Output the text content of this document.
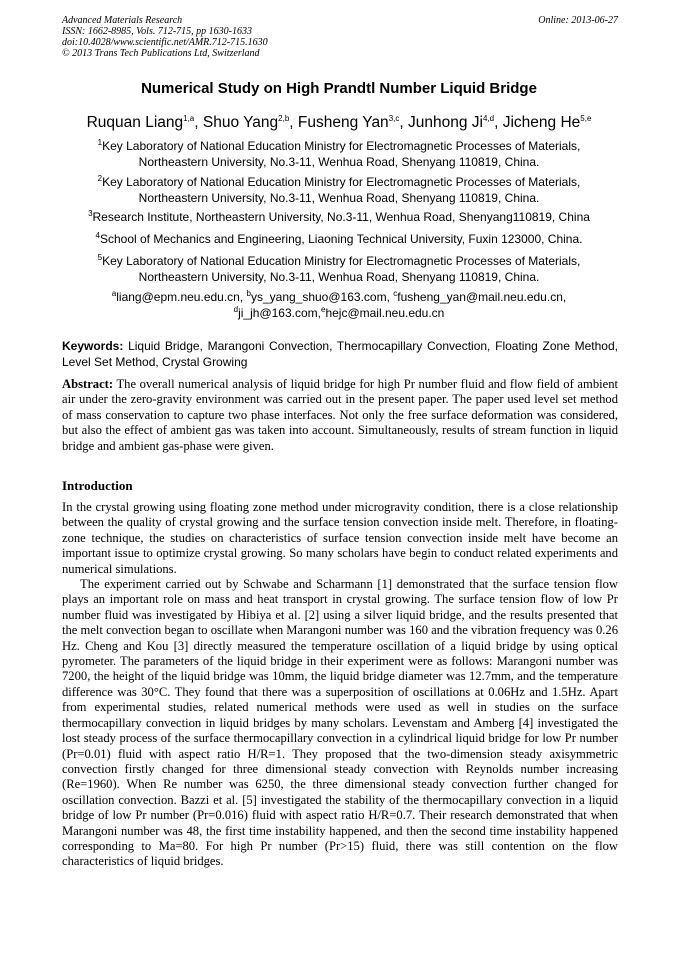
Advanced Materials Research
ISSN: 1662-8985, Vols. 712-715, pp 1630-1633
doi:10.4028/www.scientific.net/AMR.712-715.1630
© 2013 Trans Tech Publications Ltd, Switzerland
Online: 2013-06-27
Numerical Study on High Prandtl Number Liquid Bridge
Ruquan Liang$^{1,a}$, Shuo Yang$^{2,b}$, Fusheng Yan$^{3,c}$, Junhong Ji$^{4,d}$, Jicheng He$^{5,e}$
$^1$Key Laboratory of National Education Ministry for Electromagnetic Processes of Materials,
Northeastern University, No.3-11, Wenhua Road, Shenyang 110819, China.
$^2$Key Laboratory of National Education Ministry for Electromagnetic Processes of Materials,
Northeastern University, No.3-11, Wenhua Road, Shenyang 110819, China.
$^3$Research Institute, Northeastern University, No.3-11, Wenhua Road, Shenyang110819, China
$^4$School of Mechanics and Engineering, Liaoning Technical University, Fuxin 123000, China.
$^5$Key Laboratory of National Education Ministry for Electromagnetic Processes of Materials,
Northeastern University, No.3-11, Wenhua Road, Shenyang 110819, China.
$^a$liang@epm.neu.edu.cn, $^b$ys_yang_shuo@163.com, $^c$fusheng_yan@mail.neu.edu.cn,
$^d$ji_jh@163.com,$^e$hejc@mail.neu.edu.cn
Keywords: Liquid Bridge, Marangoni Convection, Thermocapillary Convection, Floating Zone Method, Level Set Method, Crystal Growing
Abstract: The overall numerical analysis of liquid bridge for high Pr number fluid and flow field of ambient air under the zero-gravity environment was carried out in the present paper. The paper used level set method of mass conservation to capture two phase interfaces. Not only the free surface deformation was considered, but also the effect of ambient gas was taken into account. Simultaneously, results of stream function in liquid bridge and ambient gas-phase were given.
Introduction

In the crystal growing using floating zone method under microgravity condition, there is a close relationship between the quality of crystal growing and the surface tension convection inside melt. Therefore, in floating-zone technique, the studies on characteristics of surface tension convection inside melt have become an important issue to optimize crystal growing. So many scholars have begin to conduct related experiments and numerical simulations.

The experiment carried out by Schwabe and Scharmann [1] demonstrated that the surface tension flow plays an important role on mass and heat transport in crystal growing. The surface tension flow of low Pr number fluid was investigated by Hibiya et al. [2] using a silver liquid bridge, and the results presented that the melt convection began to oscillate when Marangoni number was 160 and the vibration frequency was 0.26 Hz. Cheng and Kou [3] directly measured the temperature oscillation of a liquid bridge by using optical pyrometer. The parameters of the liquid bridge in their experiment were as follows: Marangoni number was 7200, the height of the liquid bridge was 10mm, the liquid bridge diameter was 12.7mm, and the temperature difference was 30°C. They found that there was a superposition of oscillations at 0.06Hz and 1.5Hz. Apart from experimental studies, related numerical methods were used as well in studies on the surface thermocapillary convection in liquid bridges by many scholars. Levenstam and Amberg [4] investigated the lost steady process of the surface thermocapillary convection in a cylindrical liquid bridge for low Pr number (Pr=0.01) fluid with aspect ratio H/R=1. They proposed that the two-dimension steady axisymmetric convection firstly changed for three dimensional steady convection with Reynolds number increasing (Re=1960). When Re number was 6250, the three dimensional steady convection further changed for oscillation convection. Bazzi et al. [5] investigated the stability of the thermocapillary convection in a liquid bridge of low Pr number (Pr=0.016) fluid with aspect ratio H/R=0.7. Their research demonstrated that when Marangoni number was 48, the first time instability happened, and then the second time instability happened corresponding to Ma=80. For high Pr number (Pr>15) fluid, there was still contention on the flow characteristics of liquid bridges.
